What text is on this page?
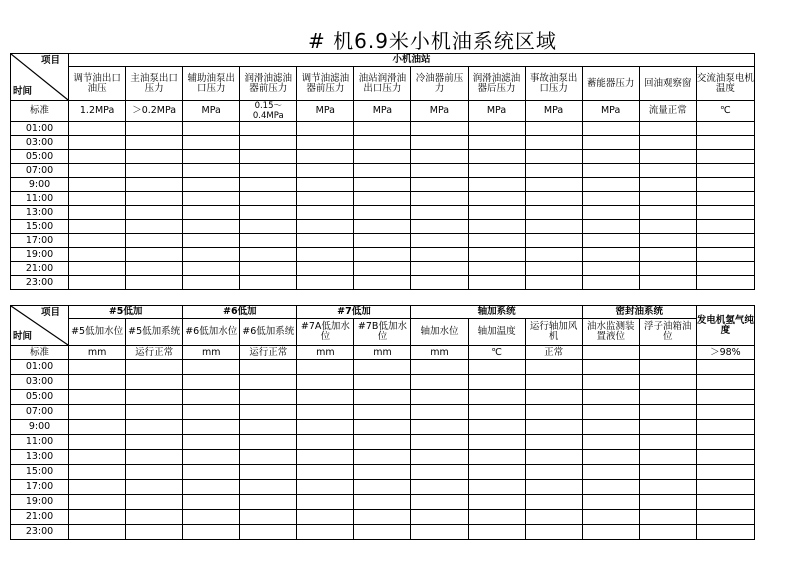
# 机6.9米小机油系统区域
项目
时间	小机油站											
	调节油出口油压	主油泵出口压力	辅助油泵出口压力	润滑油滤油器前压力	调节油滤油器前压力	油站润滑油出口压力	冷油器前压力	润滑油滤油器后压力	事故油泵出口压力	蓄能器压力	回油观察窗	交流油泵电机温度
标准	1.2MPa	＞0.2MPa	MPa	0.15～0.4MPa	MPa	MPa	MPa	MPa	MPa	MPa	流量正常	℃
01:00												
03:00												
05:00												
07:00												
9:00												
11:00												
13:00												
15:00												
17:00												
19:00												
21:00												
23:00												
项目
时间	#5低加		#6低加		#7低加		轴加系统			密封油系统		发电机氢气纯度
	#5低加水位	#5低加系统	#6低加水位	#6低加系统	#7A低加水位	#7B低加水位	轴加水位	轴加温度	运行轴加风机	油水监测装置液位	浮子油箱油位	
标准	mm	运行正常	mm	运行正常	mm	mm	mm	℃	正常			＞98%
01:00												
03:00												
05:00												
07:00												
9:00												
11:00												
13:00												
15:00												
17:00												
19:00												
21:00												
23:00												
